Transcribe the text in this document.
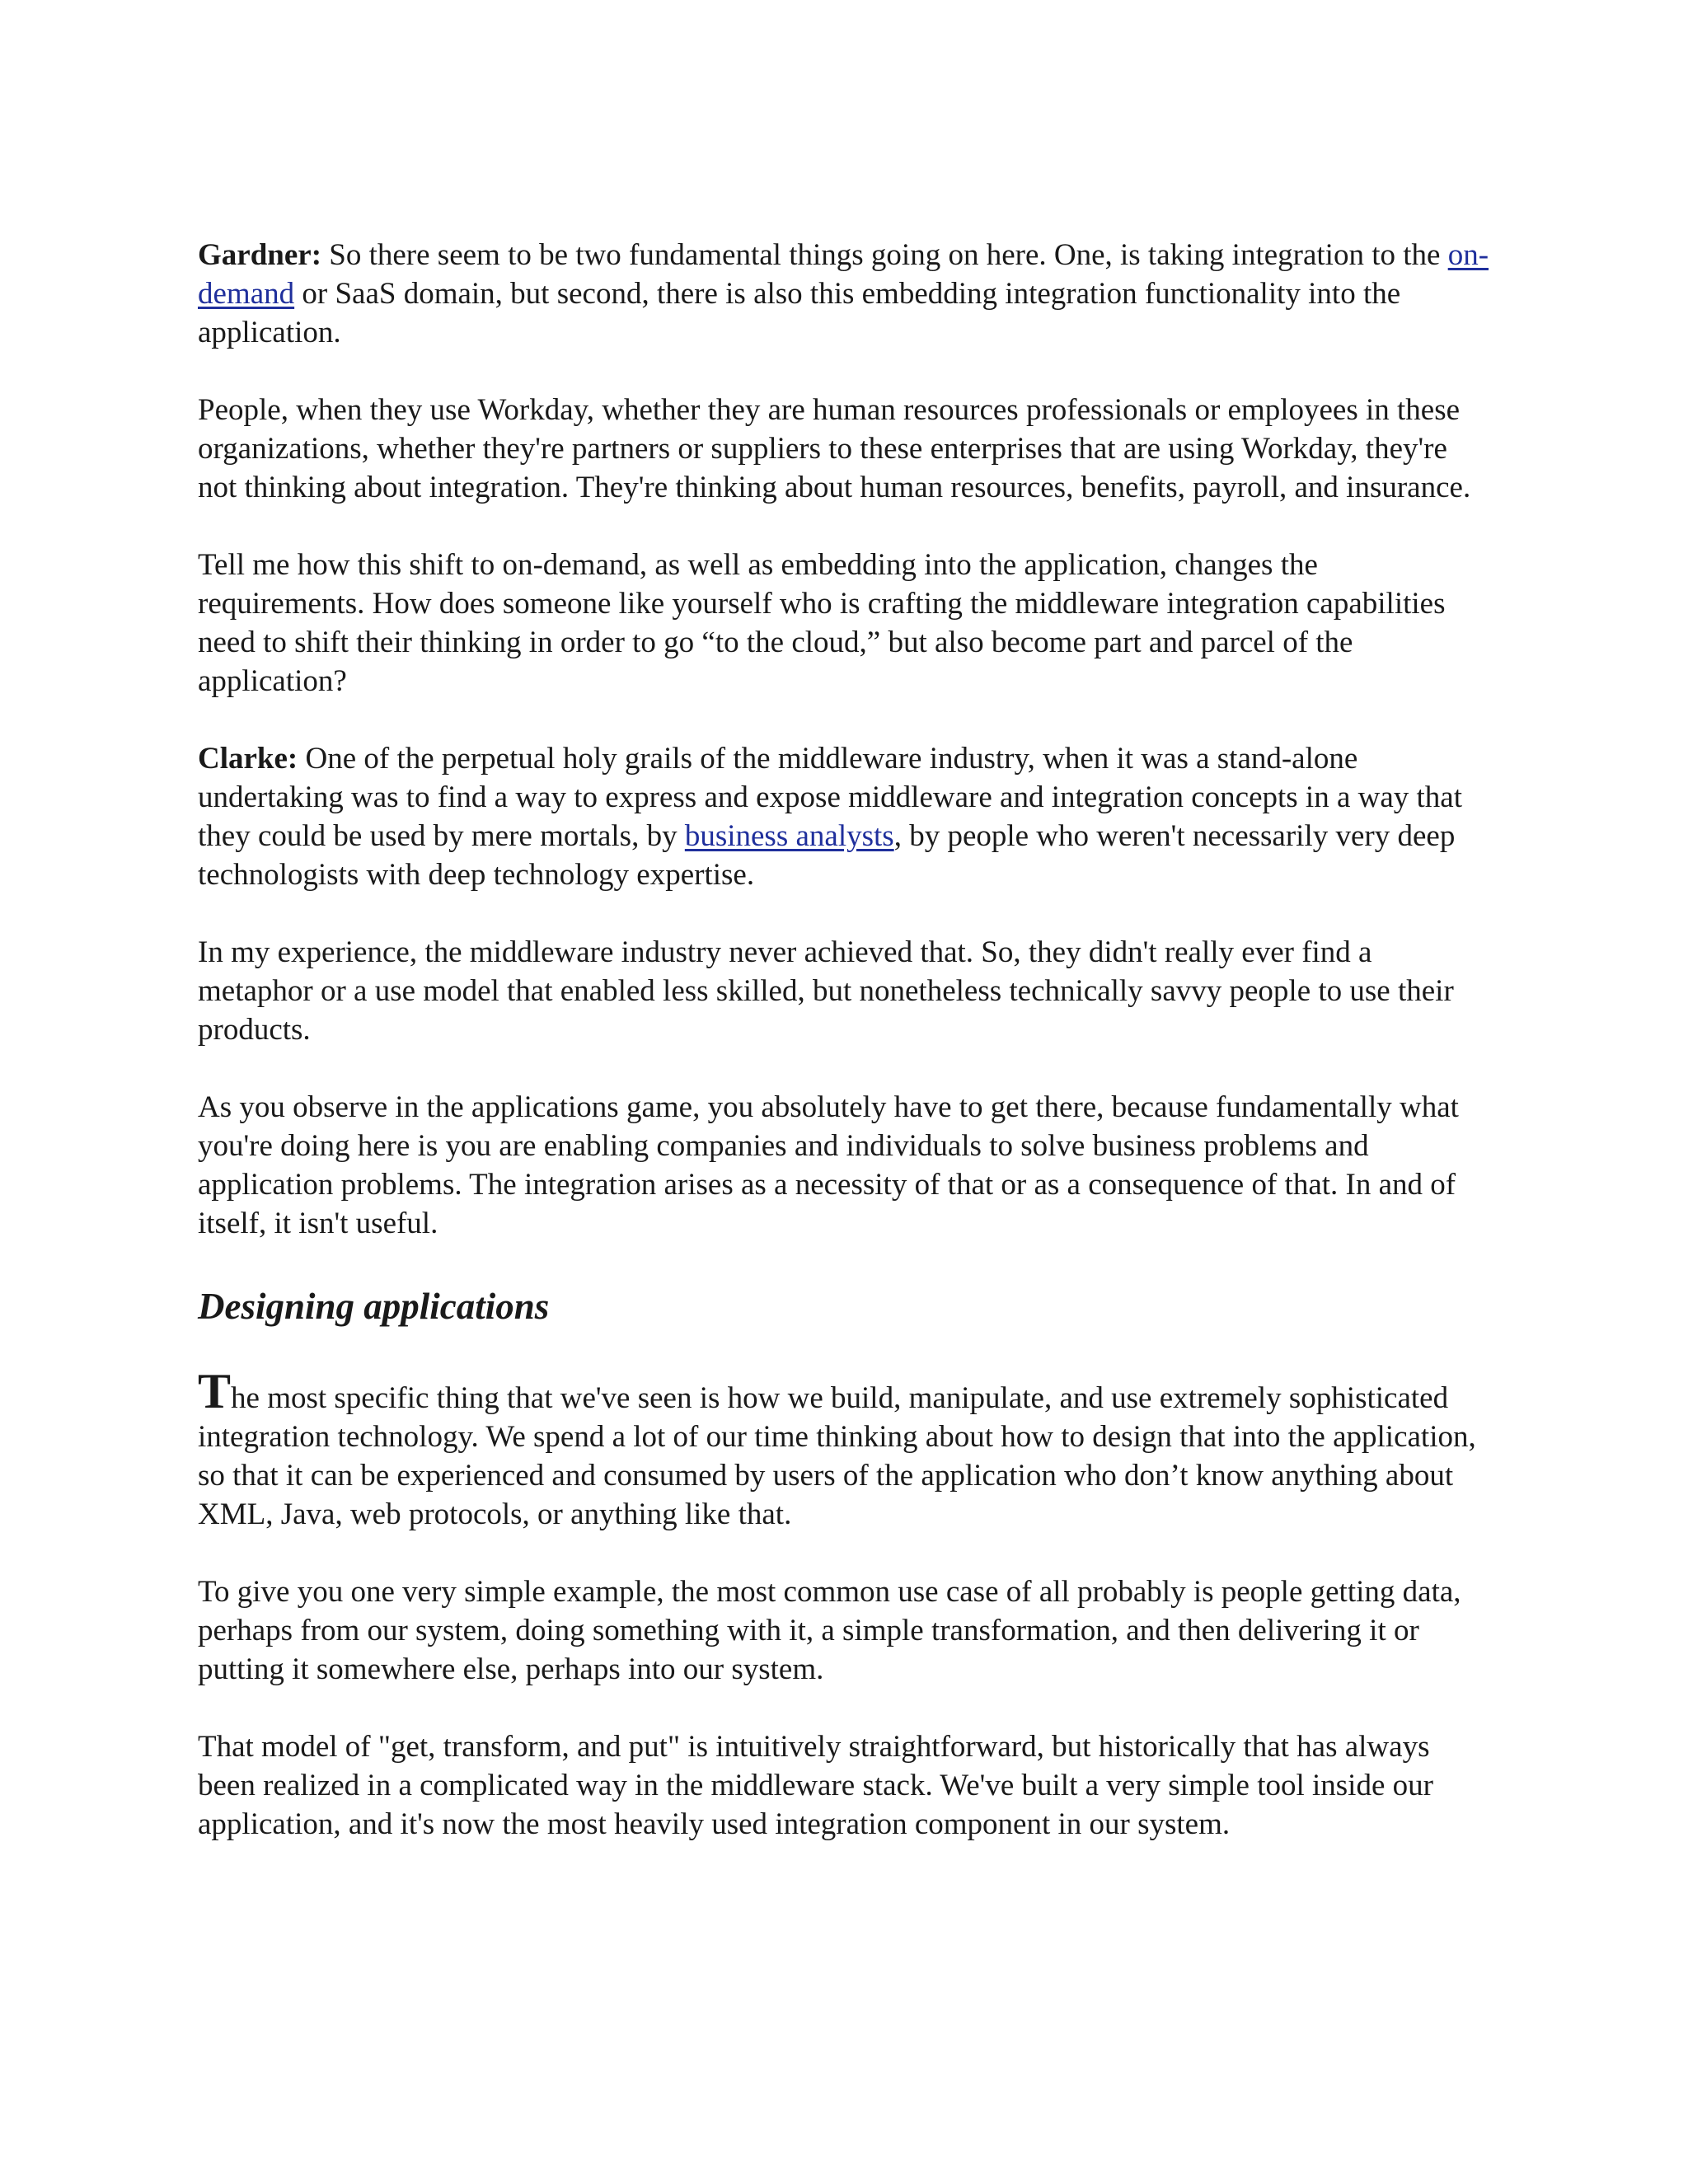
Gardner: So there seem to be two fundamental things going on here. One, is taking integration to the on-demand or SaaS domain, but second, there is also this embedding integration functionality into the application.

People, when they use Workday, whether they are human resources professionals or employees in these organizations, whether they're partners or suppliers to these enterprises that are using Workday, they're not thinking about integration. They're thinking about human resources, benefits, payroll, and insurance.

Tell me how this shift to on-demand, as well as embedding into the application, changes the requirements. How does someone like yourself who is crafting the middleware integration capabilities need to shift their thinking in order to go “to the cloud,” but also become part and parcel of the application?

Clarke: One of the perpetual holy grails of the middleware industry, when it was a stand-alone undertaking was to find a way to express and expose middleware and integration concepts in a way that they could be used by mere mortals, by business analysts, by people who weren't necessarily very deep technologists with deep technology expertise.

In my experience, the middleware industry never achieved that. So, they didn't really ever find a metaphor or a use model that enabled less skilled, but nonetheless technically savvy people to use their products.

As you observe in the applications game, you absolutely have to get there, because fundamentally what you're doing here is you are enabling companies and individuals to solve business problems and application problems. The integration arises as a necessity of that or as a consequence of that. In and of itself, it isn't useful.

Designing applications

The most specific thing that we've seen is how we build, manipulate, and use extremely sophisticated integration technology. We spend a lot of our time thinking about how to design that into the application, so that it can be experienced and consumed by users of the application who don’t know anything about XML, Java, web protocols, or anything like that.

To give you one very simple example, the most common use case of all probably is people getting data, perhaps from our system, doing something with it, a simple transformation, and then delivering it or putting it somewhere else, perhaps into our system.

That model of "get, transform, and put" is intuitively straightforward, but historically that has always been realized in a complicated way in the middleware stack. We've built a very simple tool inside our application, and it's now the most heavily used integration component in our system.
